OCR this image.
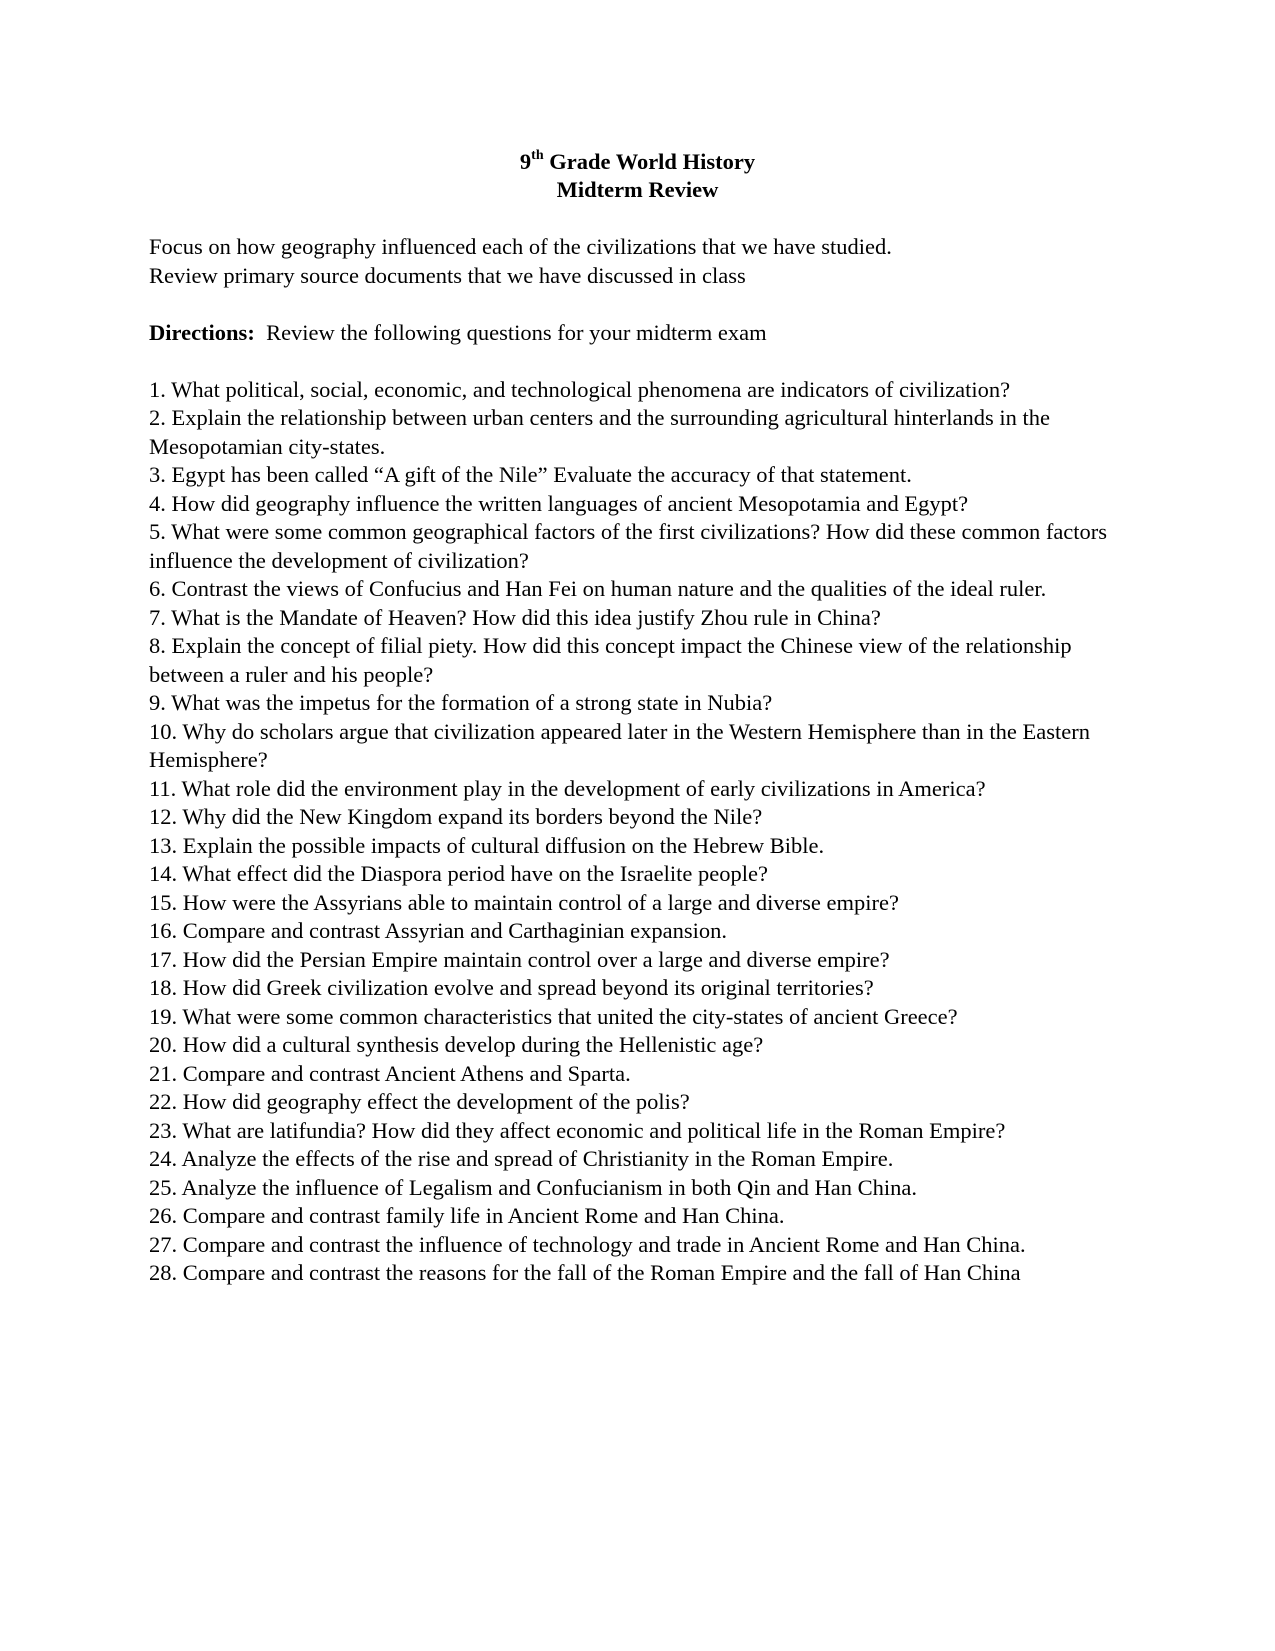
9th Grade World History
Midterm Review

Focus on how geography influenced each of the civilizations that we have studied.

Review primary source documents that we have discussed in class

Directions: Review the following questions for your midterm exam

1. What political, social, economic, and technological phenomena are indicators of civilization?
2. Explain the relationship between urban centers and the surrounding agricultural hinterlands in the Mesopotamian city-states.
3. Egypt has been called “A gift of the Nile” Evaluate the accuracy of that statement.
4. How did geography influence the written languages of ancient Mesopotamia and Egypt?
5. What were some common geographical factors of the first civilizations? How did these common factors influence the development of civilization?
6. Contrast the views of Confucius and Han Fei on human nature and the qualities of the ideal ruler.
7. What is the Mandate of Heaven? How did this idea justify Zhou rule in China?
8. Explain the concept of filial piety. How did this concept impact the Chinese view of the relationship between a ruler and his people?
9. What was the impetus for the formation of a strong state in Nubia?
10. Why do scholars argue that civilization appeared later in the Western Hemisphere than in the Eastern Hemisphere?
11. What role did the environment play in the development of early civilizations in America?
12. Why did the New Kingdom expand its borders beyond the Nile?
13. Explain the possible impacts of cultural diffusion on the Hebrew Bible.
14. What effect did the Diaspora period have on the Israelite people?
15. How were the Assyrians able to maintain control of a large and diverse empire?
16. Compare and contrast Assyrian and Carthaginian expansion.
17. How did the Persian Empire maintain control over a large and diverse empire?
18. How did Greek civilization evolve and spread beyond its original territories?
19. What were some common characteristics that united the city-states of ancient Greece?
20. How did a cultural synthesis develop during the Hellenistic age?
21. Compare and contrast Ancient Athens and Sparta.
22. How did geography effect the development of the polis?
23. What are latifundia? How did they affect economic and political life in the Roman Empire?
24. Analyze the effects of the rise and spread of Christianity in the Roman Empire.
25. Analyze the influence of Legalism and Confucianism in both Qin and Han China.
26. Compare and contrast family life in Ancient Rome and Han China.
27. Compare and contrast the influence of technology and trade in Ancient Rome and Han China.
28. Compare and contrast the reasons for the fall of the Roman Empire and the fall of Han China
